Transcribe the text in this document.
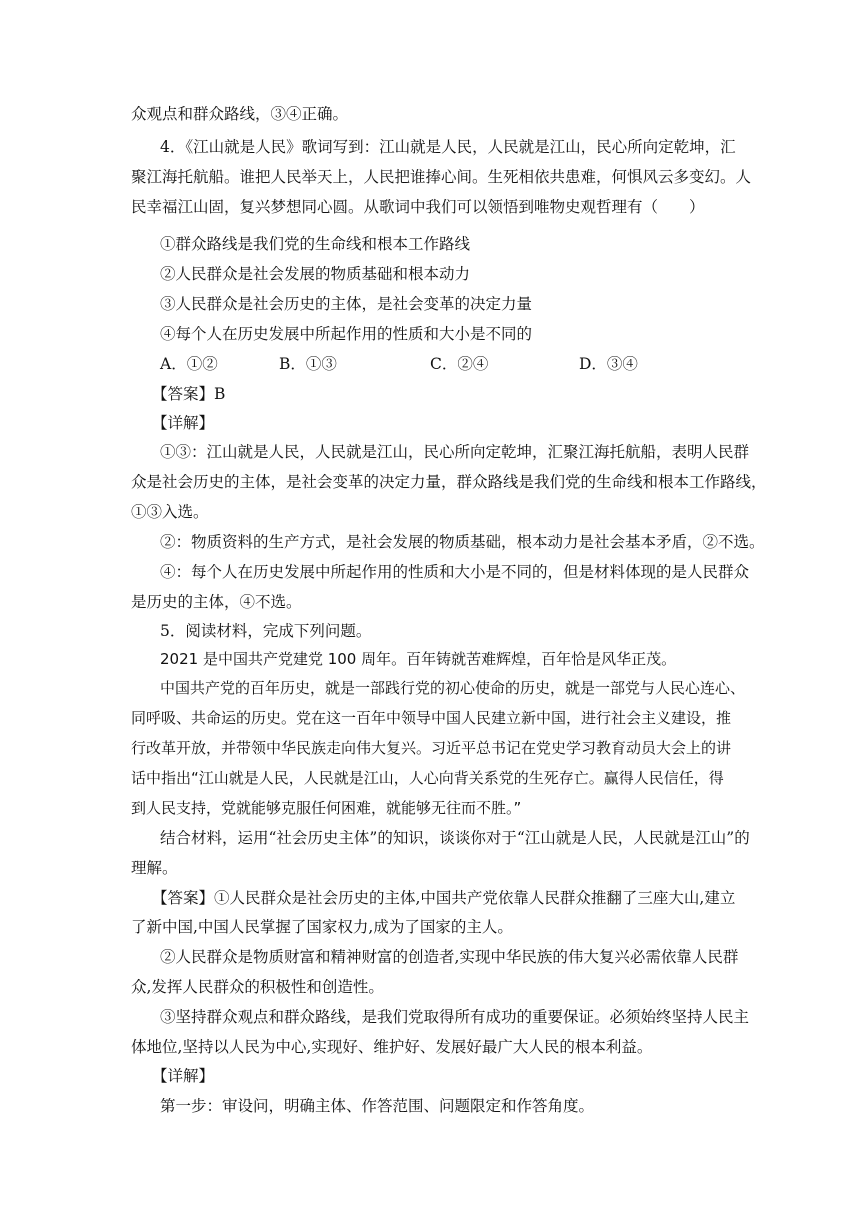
众观点和群众路线，③④正确。
4．《江山就是人民》歌词写到：江山就是人民，人民就是江山，民心所向定乾坤，汇
聚江海托航船。谁把人民举天上，人民把谁捧心间。生死相依共患难，何惧风云多变幻。人
民幸福江山固，复兴梦想同心圆。从歌词中我们可以领悟到唯物史观哲理有（　　）
①群众路线是我们党的生命线和根本工作路线
②人民群众是社会发展的物质基础和根本动力
③人民群众是社会历史的主体，是社会变革的决定力量
④每个人在历史发展中所起作用的性质和大小是不同的
A．①②	B．①③	C．②④	D．③④
【答案】B
【详解】
①③：江山就是人民，人民就是江山，民心所向定乾坤，汇聚江海托航船，表明人民群
众是社会历史的主体，是社会变革的决定力量，群众路线是我们党的生命线和根本工作路线，
①③入选。
②：物质资料的生产方式，是社会发展的物质基础，根本动力是社会基本矛盾，②不选。
④：每个人在历史发展中所起作用的性质和大小是不同的，但是材料体现的是人民群众
是历史的主体，④不选。
5．阅读材料，完成下列问题。
2021 是中国共产党建党 100 周年。百年铸就苦难辉煌，百年恰是风华正茂。
中国共产党的百年历史，就是一部践行党的初心使命的历史，就是一部党与人民心连心、
同呼吸、共命运的历史。党在这一百年中领导中国人民建立新中国，进行社会主义建设，推
行改革开放，并带领中华民族走向伟大复兴。习近平总书记在党史学习教育动员大会上的讲
话中指出“江山就是人民，人民就是江山，人心向背关系党的生死存亡。赢得人民信任，得
到人民支持，党就能够克服任何困难，就能够无往而不胜。”
结合材料，运用“社会历史主体”的知识，谈谈你对于“江山就是人民，人民就是江山”的
理解。
【答案】①人民群众是社会历史的主体,中国共产党依靠人民群众推翻了三座大山,建立
了新中国,中国人民掌握了国家权力,成为了国家的主人。
②人民群众是物质财富和精神财富的创造者,实现中华民族的伟大复兴必需依靠人民群
众,发挥人民群众的积极性和创造性。
③坚持群众观点和群众路线，是我们党取得所有成功的重要保证。必须始终坚持人民主
体地位,坚持以人民为中心,实现好、维护好、发展好最广大人民的根本利益。
【详解】
第一步：审设问，明确主体、作答范围、问题限定和作答角度。
